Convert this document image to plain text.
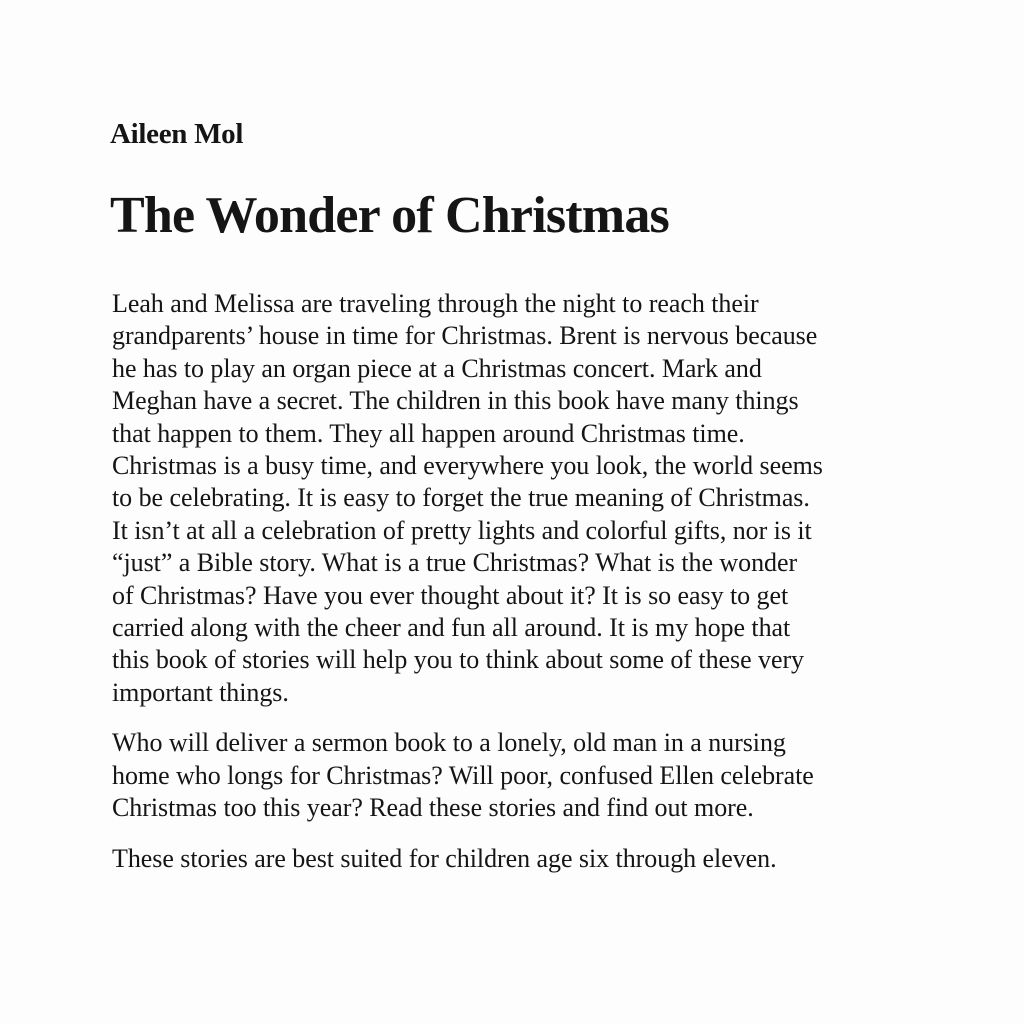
Aileen Mol
The Wonder of Christmas

Leah and Melissa are traveling through the night to reach their
grandparents’ house in time for Christmas. Brent is nervous because
he has to play an organ piece at a Christmas concert. Mark and
Meghan have a secret. The children in this book have many things
that happen to them. They all happen around Christmas time.
Christmas is a busy time, and everywhere you look, the world seems
to be celebrating. It is easy to forget the true meaning of Christmas.
It isn’t at all a celebration of pretty lights and colorful gifts, nor is it
“just” a Bible story. What is a true Christmas? What is the wonder
of Christmas? Have you ever thought about it? It is so easy to get
carried along with the cheer and fun all around. It is my hope that
this book of stories will help you to think about some of these very
important things.

Who will deliver a sermon book to a lonely, old man in a nursing
home who longs for Christmas? Will poor, confused Ellen celebrate
Christmas too this year? Read these stories and find out more.

These stories are best suited for children age six through eleven.
